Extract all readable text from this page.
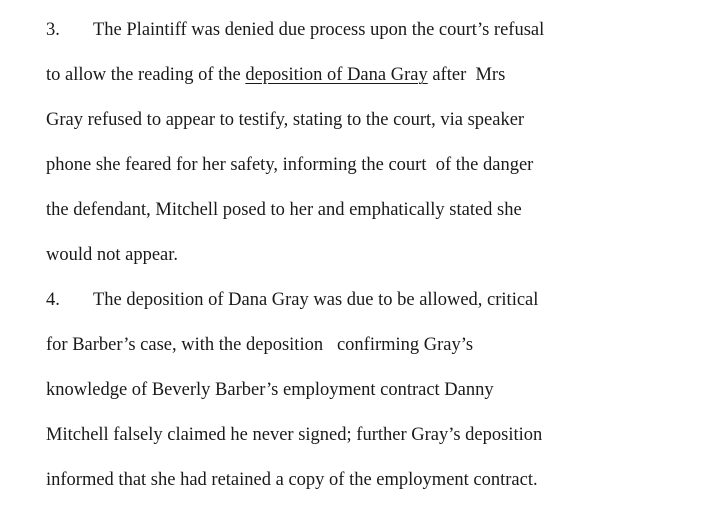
3. The Plaintiff was denied due process upon the court’s refusal
to allow the reading of the deposition of Dana Gray after  Mrs
Gray refused to appear to testify, stating to the court, via speaker
phone she feared for her safety, informing the court  of the danger
the defendant, Mitchell posed to her and emphatically stated she
would not appear.
4. The deposition of Dana Gray was due to be allowed, critical
for Barber’s case, with the deposition   confirming Gray’s
knowledge of Beverly Barber’s employment contract Danny
Mitchell falsely claimed he never signed; further Gray’s deposition
informed that she had retained a copy of the employment contract.
